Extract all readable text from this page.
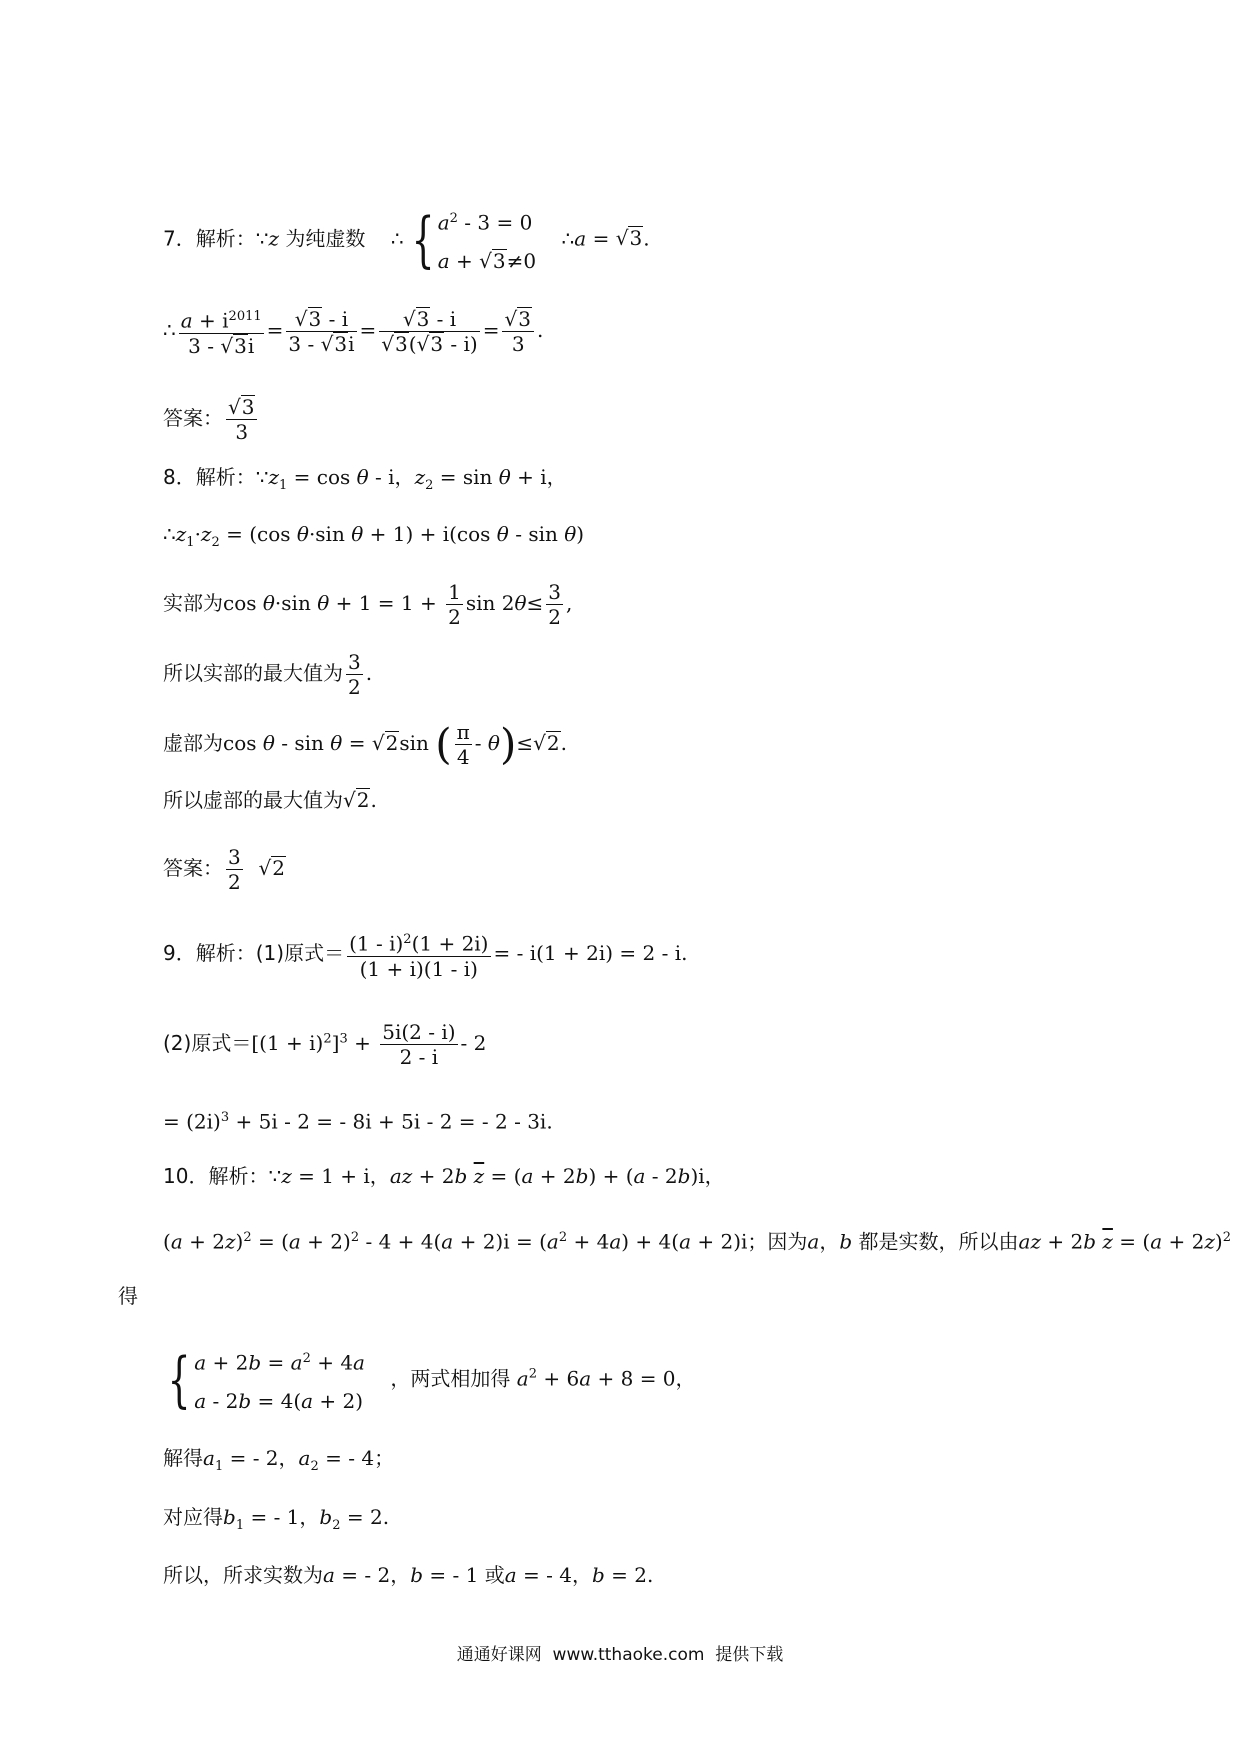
7．解析：∵z 为纯虚数 ∴ { $a^2 - 3 = 0$
a + √3≠0
∴a = √3.
∴ $\frac{a + i^{2011}}{3 - √3i} = \frac{√3 - i}{3 - √3i} = \frac{√3 - i}{√3(√3 - i)} = \frac{√3}{3}$ .
答案： $\frac{√3}{3}$
8．解析：$\because z_1 = \cos \theta - i$，$z_2 = \sin \theta + i$，
$\therefore z_1\cdot z_2 = (\cos$ θ·sin θ + 1) + i(cos θ - sin θ)
实部为cos θ·sin $\theta + 1 = 1 + \frac{1}{2}$ $\sin 2\theta\le \frac{3}{2}$ ,
所以实部的最大值为 $\frac{3}{2}$ .
虚部为cos θ - sin θ = √2sin ( $\frac{\pi}{4} - \theta)\le√2$.
所以虚部的最大值为√2.
答案： $\frac{3}{2} √2$
9．解析：(1)原式＝ $\frac{(1 - i)^2(1 + 2i)}{(1 + i)(1 - i)}$ = - i(1 + 2i) = 2 - i.
(2)原式$=[(1 + i)^2]^3 + \frac{5i(2 - i)}{2 - i} - 2$
= $(2i)^3 + 5i - 2$ = - 8i + 5i - 2 = - 2 - 3i.
10．解析：∵z = 1 + i，az + 2b $\overline{z} = (a + 2b) + (a - 2b)i$，
$(a + 2z)^2 = (a + 2)^2 - 4 + 4(a + 2)i = (a^2 + 4a) + 4(a + 2)i$；因为a，b 都是实数，所以由az + 2b $\overline{z} = (a + 2z)^2$
得
{ $a + 2b = a^2 + 4a$
a - 2b = 4(a + 2)
，两式相加得 $a^2 + 6a + 8 = 0$，
解得$a_1$ = - 2，$a_2$ = - 4；
对应得$b_1$ = - 1，$b_2 = 2$.
所以，所求实数为a = - 2，b = - 1 或a = - 4，b = 2.
通通好课网 www.tthaoke.com 提供下载
